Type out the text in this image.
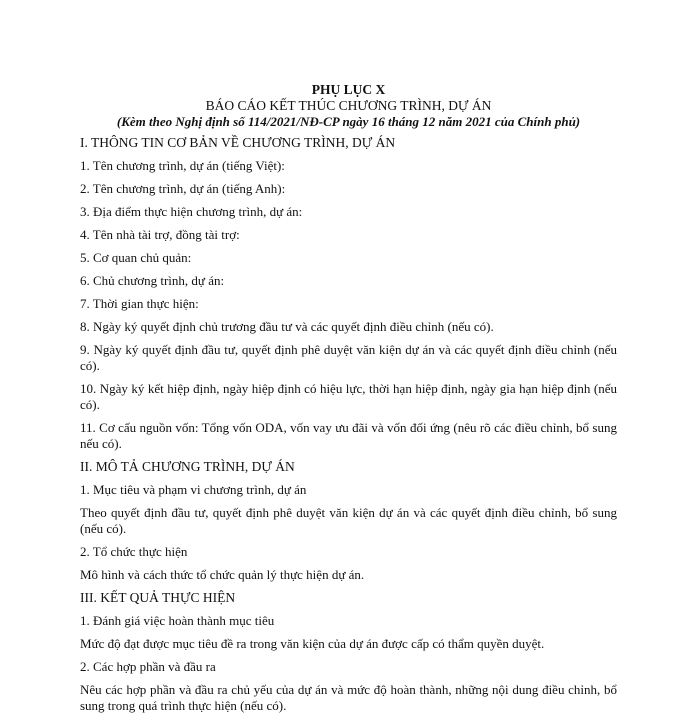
PHỤ LỤC X
BÁO CÁO KẾT THÚC CHƯƠNG TRÌNH, DỰ ÁN
(Kèm theo Nghị định số 114/2021/NĐ-CP ngày 16 tháng 12 năm 2021 của Chính phủ)

I. THÔNG TIN CƠ BẢN VỀ CHƯƠNG TRÌNH, DỰ ÁN

1. Tên chương trình, dự án (tiếng Việt):

2. Tên chương trình, dự án (tiếng Anh):

3. Địa điểm thực hiện chương trình, dự án:

4. Tên nhà tài trợ, đồng tài trợ:

5. Cơ quan chủ quản:

6. Chủ chương trình, dự án:

7. Thời gian thực hiện:

8. Ngày ký quyết định chủ trương đầu tư và các quyết định điều chỉnh (nếu có).

9. Ngày ký quyết định đầu tư, quyết định phê duyệt văn kiện dự án và các quyết định điều chỉnh (nếu có).

10. Ngày ký kết hiệp định, ngày hiệp định có hiệu lực, thời hạn hiệp định, ngày gia hạn hiệp định (nếu có).

11. Cơ cấu nguồn vốn: Tổng vốn ODA, vốn vay ưu đãi và vốn đối ứng (nêu rõ các điều chỉnh, bổ sung nếu có).

II. MÔ TẢ CHƯƠNG TRÌNH, DỰ ÁN

1. Mục tiêu và phạm vi chương trình, dự án

Theo quyết định đầu tư, quyết định phê duyệt văn kiện dự án và các quyết định điều chỉnh, bổ sung (nếu có).

2. Tổ chức thực hiện

Mô hình và cách thức tổ chức quản lý thực hiện dự án.

III. KẾT QUẢ THỰC HIỆN

1. Đánh giá việc hoàn thành mục tiêu

Mức độ đạt được mục tiêu đề ra trong văn kiện của dự án được cấp có thẩm quyền duyệt.

2. Các hợp phần và đầu ra

Nêu các hợp phần và đầu ra chủ yếu của dự án và mức độ hoàn thành, những nội dung điều chỉnh, bổ sung trong quá trình thực hiện (nếu có).
